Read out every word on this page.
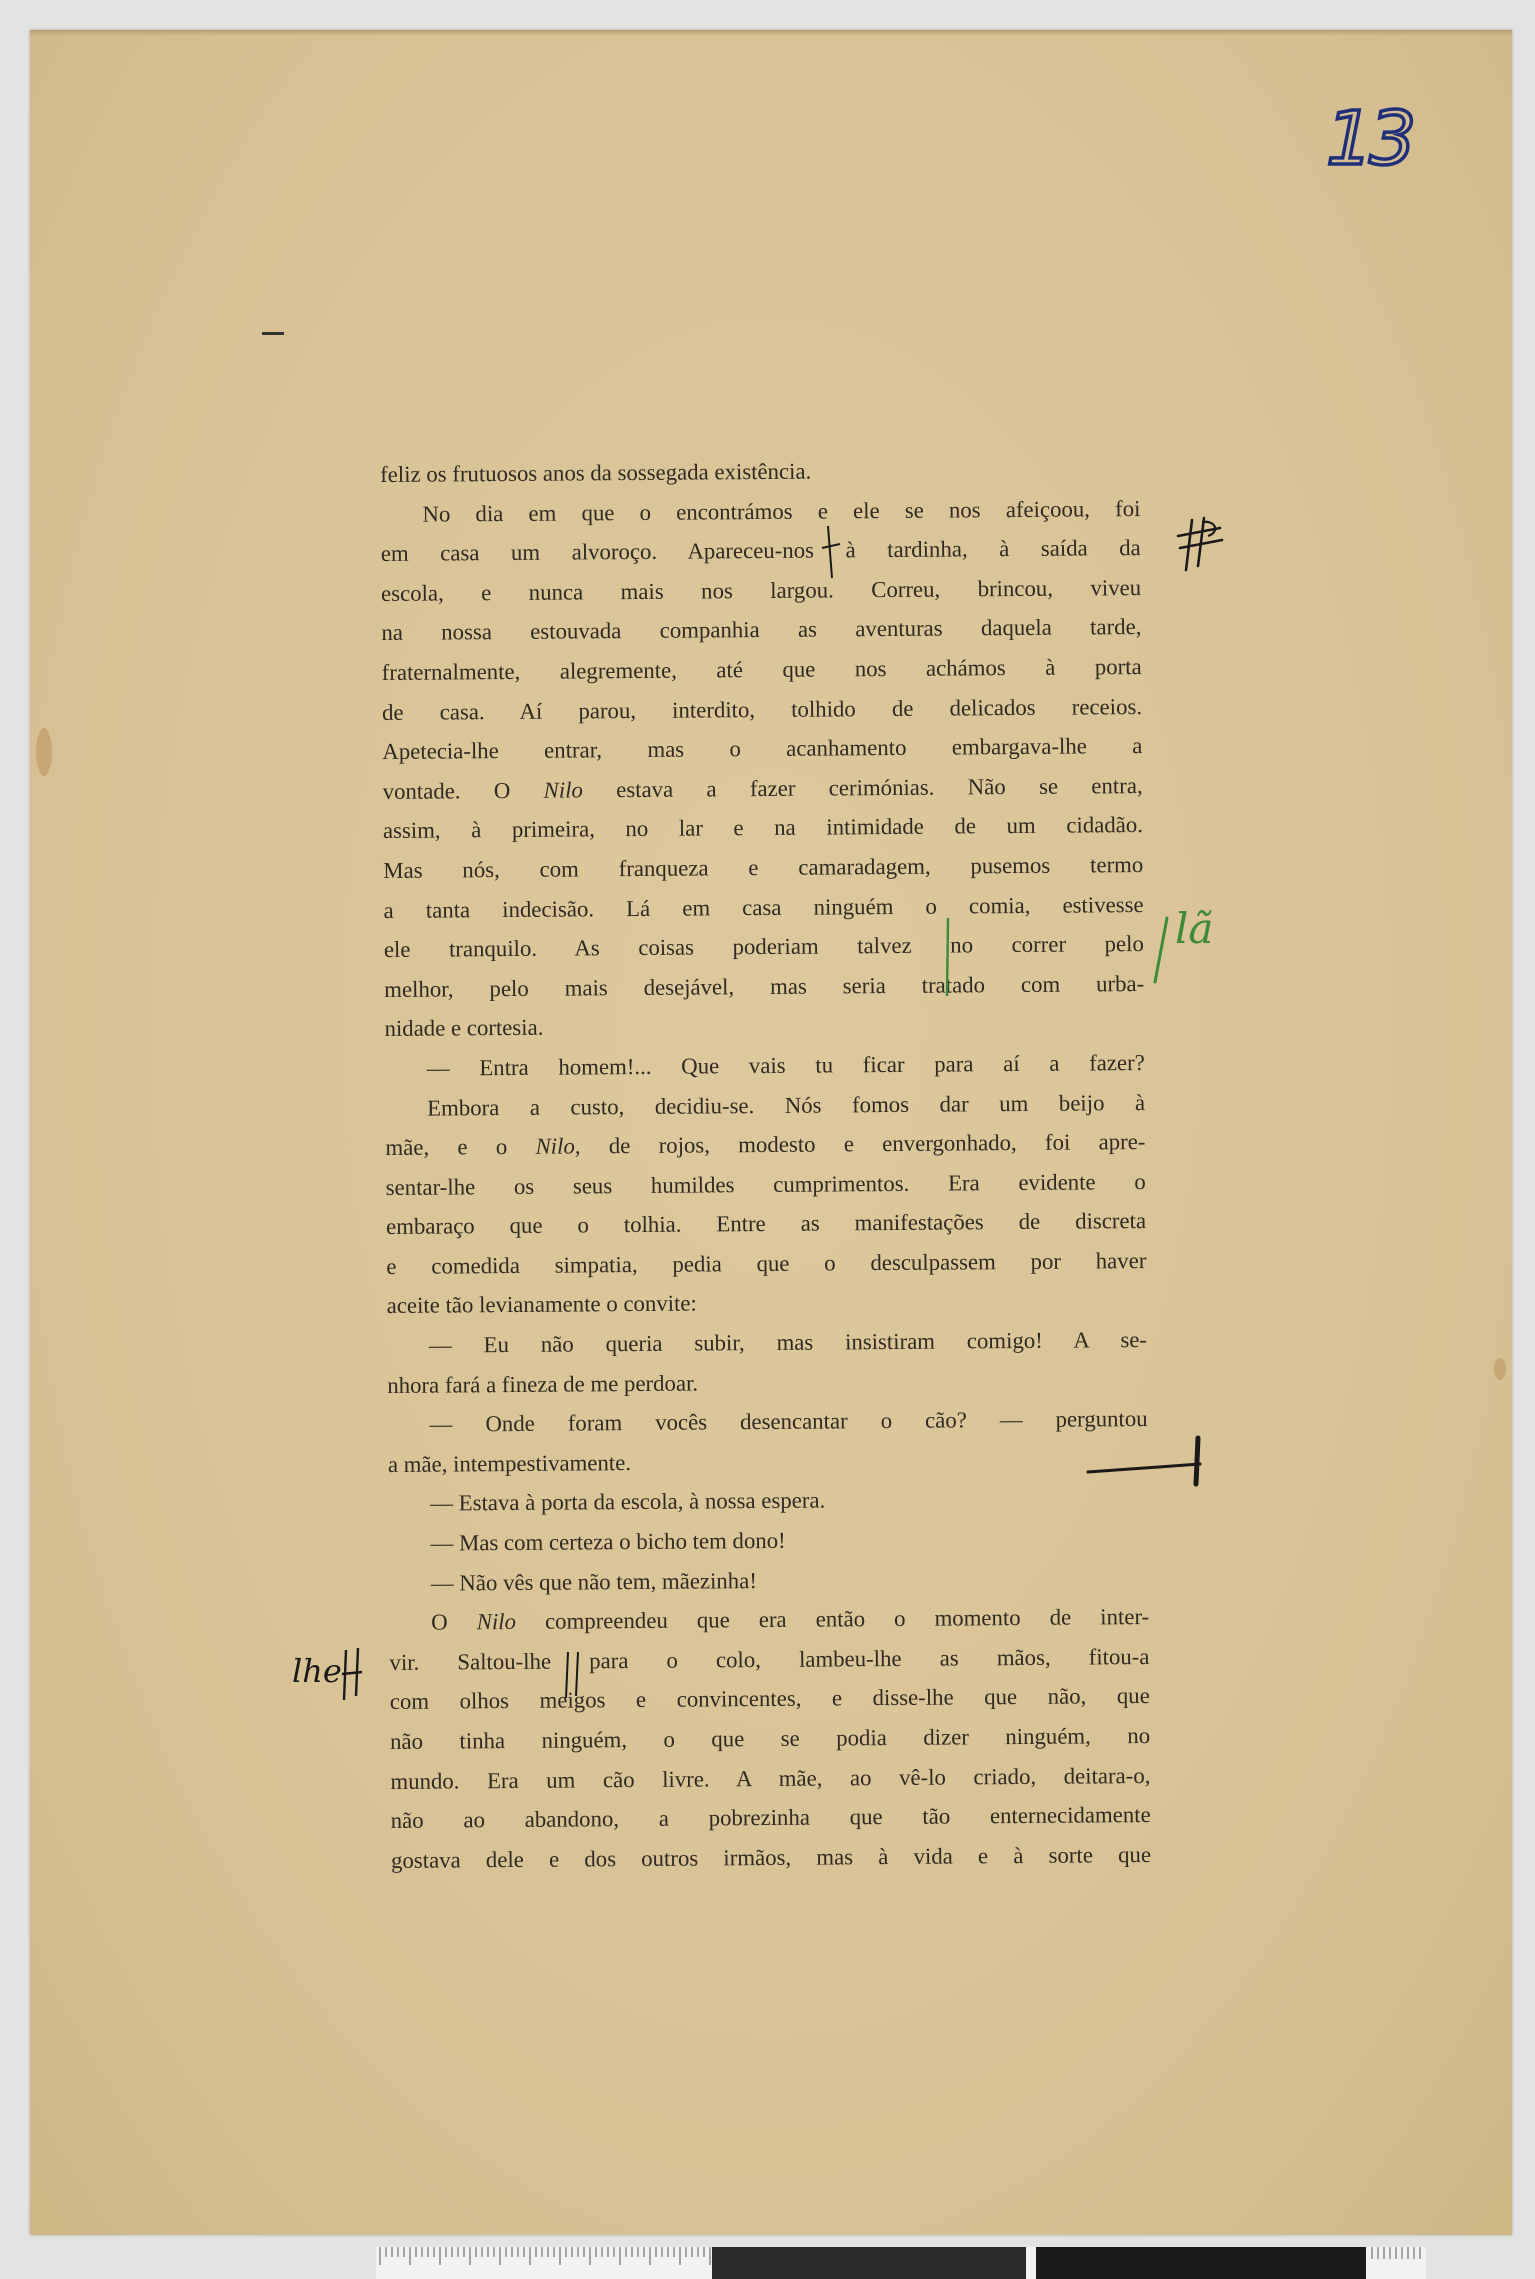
13
feliz os frutuosos anos da sossegada existência.
No dia em que o encontrámos e ele se nos afeiçoou, foi
em casa um alvoroço. Apareceu-nos à tardinha, à saída da
escola, e nunca mais nos largou. Correu, brincou, viveu
na nossa estouvada companhia as aventuras daquela tarde,
fraternalmente, alegremente, até que nos achámos à porta
de casa. Aí parou, interdito, tolhido de delicados receios.
Apetecia-lhe entrar, mas o acanhamento embargava-lhe a
vontade. O Nilo estava a fazer cerimónias. Não se entra,
assim, à primeira, no lar e na intimidade de um cidadão.
Mas nós, com franqueza e camaradagem, pusemos termo
a tanta indecisão. Lá em casa ninguém o comia, estivesse
ele tranquilo. As coisas poderiam talvez no correr pelo
melhor, pelo mais desejável, mas seria tratado com urba-
nidade e cortesia.
— Entra homem!... Que vais tu ficar para aí a fazer?
Embora a custo, decidiu-se. Nós fomos dar um beijo à
mãe, e o Nilo, de rojos, modesto e envergonhado, foi apre-
sentar-lhe os seus humildes cumprimentos. Era evidente o
embaraço que o tolhia. Entre as manifestações de discreta
e comedida simpatia, pedia que o desculpassem por haver
aceite tão levianamente o convite:
— Eu não queria subir, mas insistiram comigo! A se-
nhora fará a fineza de me perdoar.
— Onde foram vocês desencantar o cão? — perguntou
a mãe, intempestivamente.
— Estava à porta da escola, à nossa espera.
— Mas com certeza o bicho tem dono!
— Não vês que não tem, mãezinha!
O Nilo compreendeu que era então o momento de inter-
vir. Saltou-lhe para o colo, lambeu-lhe as mãos, fitou-a
com olhos meigos e convincentes, e disse-lhe que não, que
não tinha ninguém, o que se podia dizer ninguém, no
mundo. Era um cão livre. A mãe, ao vê-lo criado, deitara-o,
não ao abandono, a pobrezinha que tão enternecidamente
gostava dele e dos outros irmãos, mas à vida e à sorte que
lã
lhe
